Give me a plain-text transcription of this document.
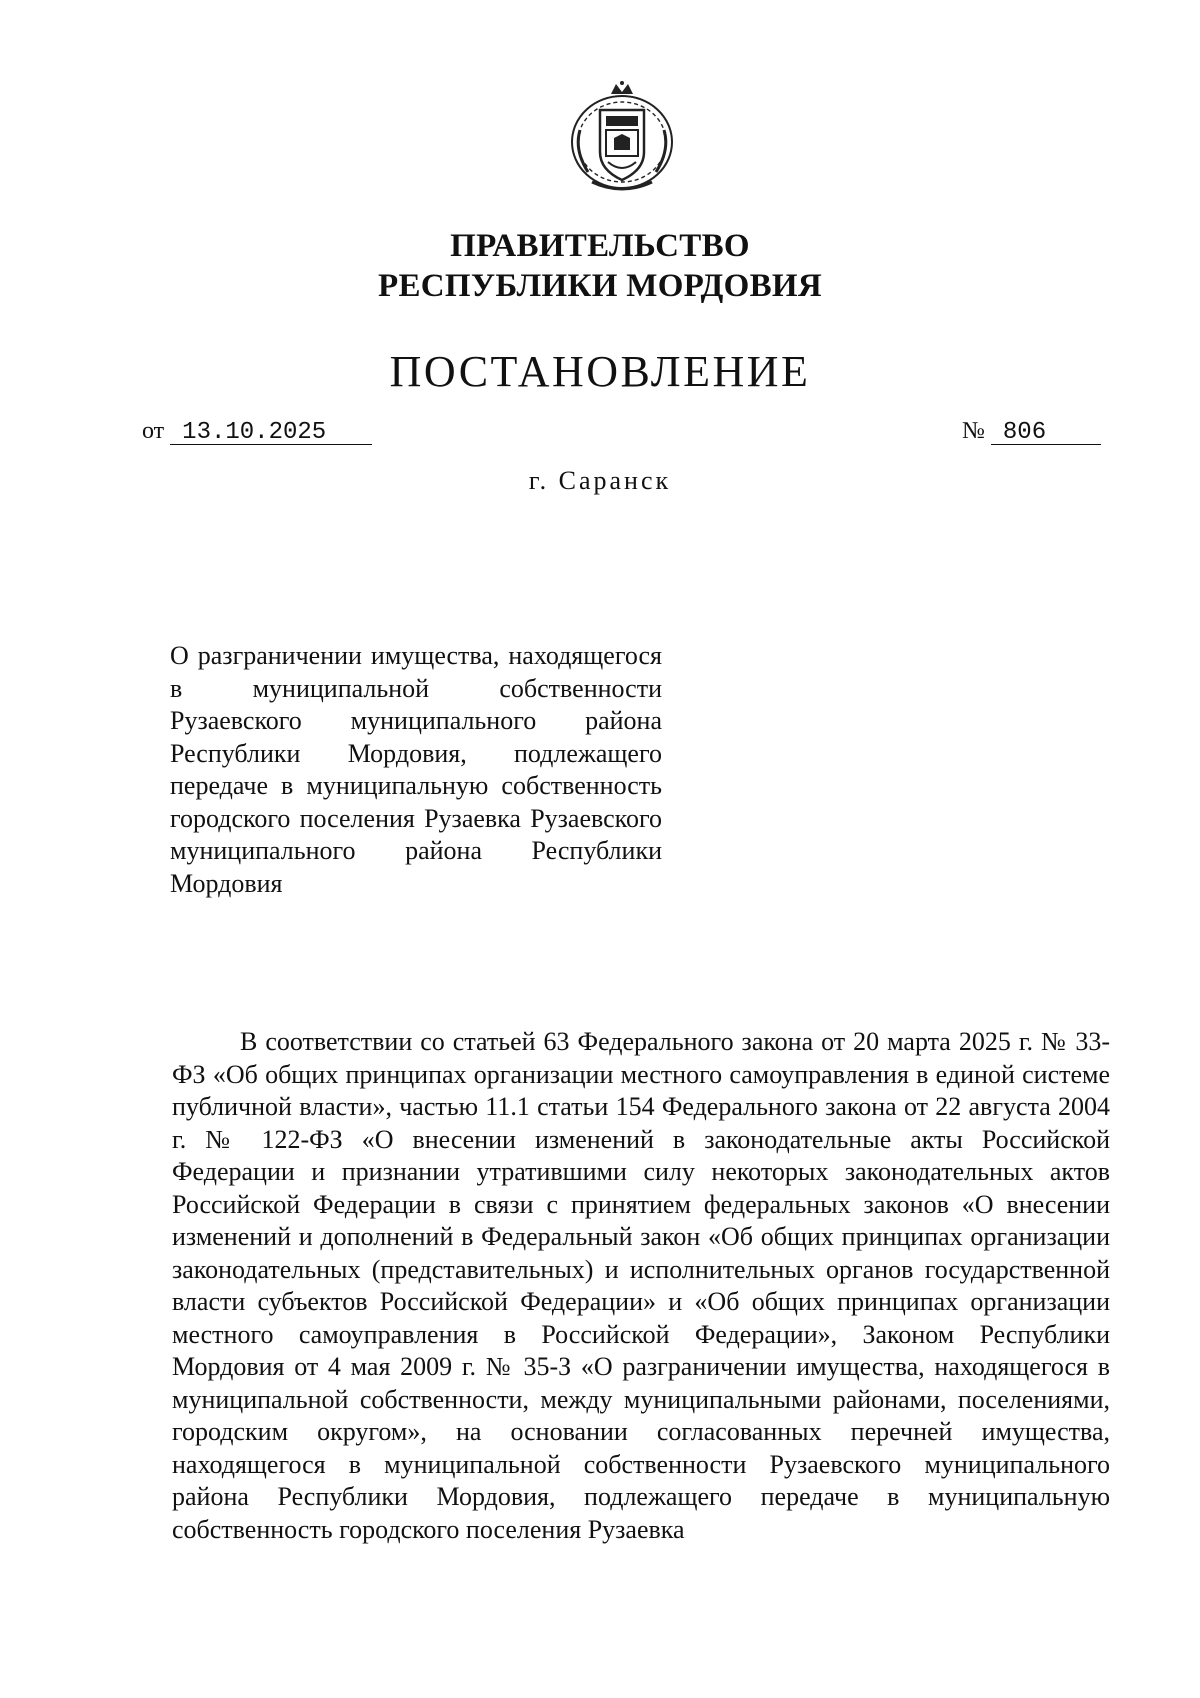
ПРАВИТЕЛЬСТВО
РЕСПУБЛИКИ МОРДОВИЯ
ПОСТАНОВЛЕНИЕ
от 13.10.2025	№ 806
г. Саранск
О разграничении имущества, находящегося в муниципальной собственности Рузаевского муниципального района Республики Мордовия, подлежащего передаче в муниципальную собственность городского поселения Рузаевка Рузаевского муниципального района Республики Мордовия
В соответствии со статьей 63 Федерального закона от 20 марта 2025 г. № 33-ФЗ «Об общих принципах организации местного самоуправления в единой системе публичной власти», частью 11.1 статьи 154 Федерального закона от 22 августа 2004 г. № 122-ФЗ «О внесении изменений в законодательные акты Российской Федерации и признании утратившими силу некоторых законодательных актов Российской Федерации в связи с принятием федеральных законов «О внесении изменений и дополнений в Федеральный закон «Об общих принципах организации законодательных (представительных) и исполнительных органов государственной власти субъектов Российской Федерации» и «Об общих принципах организации местного самоуправления в Российской Федерации», Законом Республики Мордовия от 4 мая 2009 г. № 35-З «О разграничении имущества, находящегося в муниципальной собственности, между муниципальными районами, поселениями, городским округом», на основании согласованных перечней имущества, находящегося в муниципальной собственности Рузаевского муниципального района Республики Мордовия, подлежащего передаче в муниципальную собственность городского поселения Рузаевка
